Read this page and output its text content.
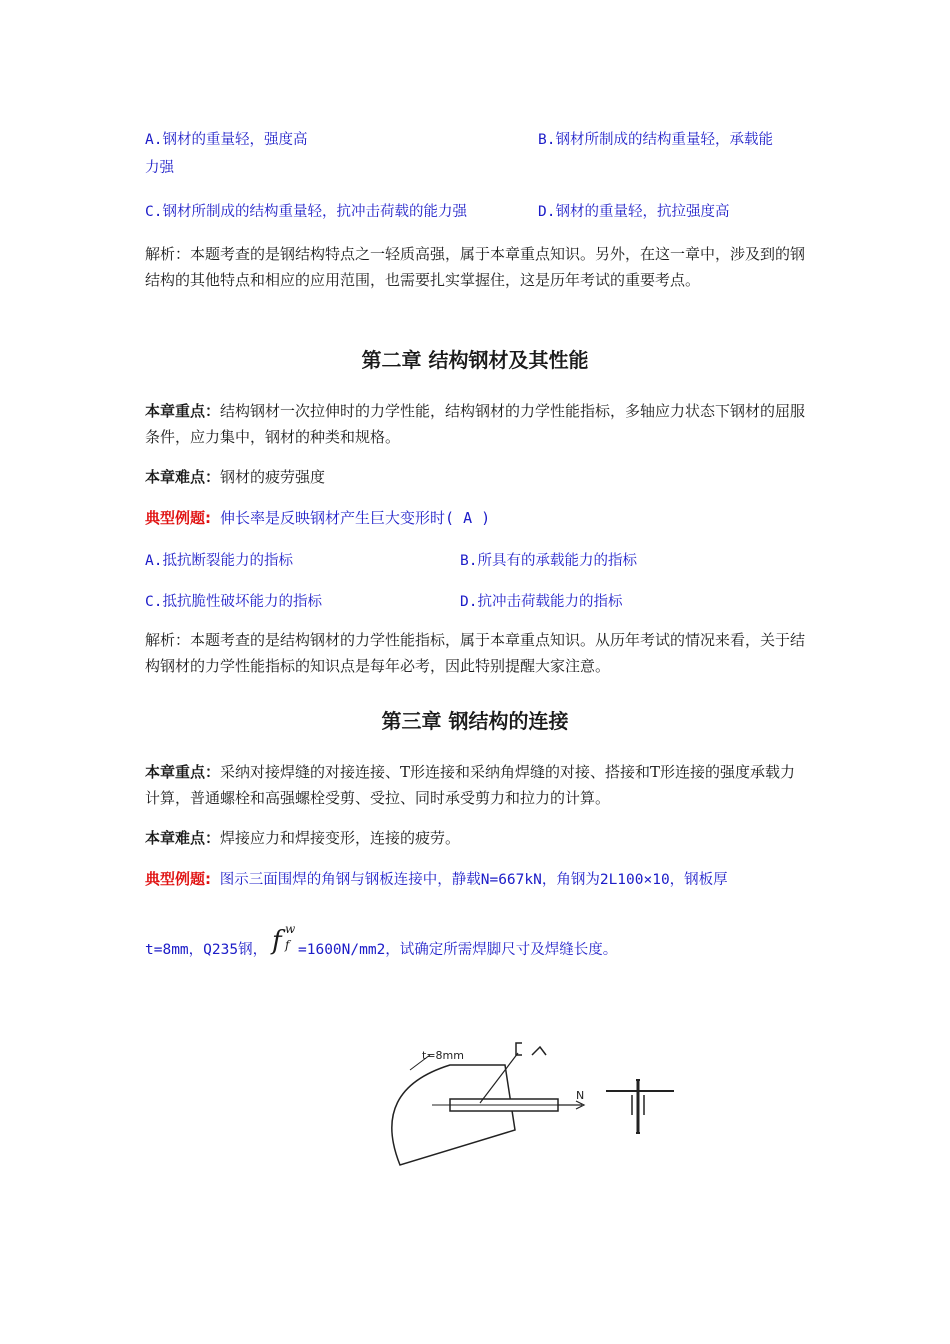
A.钢材的重量轻，强度高	B.钢材所制成的结构重量轻，承载能
力强
C.钢材所制成的结构重量轻，抗冲击荷载的能力强	D.钢材的重量轻，抗拉强度高
解析：本题考查的是钢结构特点之一轻质高强，属于本章重点知识。另外，在这一章中，涉及到的钢结构的其他特点和相应的应用范围，也需要扎实掌握住，这是历年考试的重要考点。
第二章 结构钢材及其性能
本章重点：结构钢材一次拉伸时的力学性能，结构钢材的力学性能指标，多轴应力状态下钢材的屈服条件，应力集中，钢材的种类和规格。
本章难点：钢材的疲劳强度
典型例题: 伸长率是反映钢材产生巨大变形时( A )
A.抵抗断裂能力的指标	B.所具有的承载能力的指标
C.抵抗脆性破坏能力的指标	D.抗冲击荷载能力的指标
解析：本题考查的是结构钢材的力学性能指标，属于本章重点知识。从历年考试的情况来看，关于结构钢材的力学性能指标的知识点是每年必考，因此特别提醒大家注意。
第三章 钢结构的连接
本章重点：采纳对接焊缝的对接连接、T形连接和采纳角焊缝的对接、搭接和T形连接的强度承载力计算，普通螺栓和高强螺栓受剪、受拉、同时承受剪力和拉力的计算。
本章难点：焊接应力和焊接变形，连接的疲劳。
典型例题: 图示三面围焊的角钢与钢板连接中，静载N=667kN，角钢为2L100×10，钢板厚
t=8mm，Q235钢， f w
f =1600N/mm2，试确定所需焊脚尺寸及焊缝长度。
t=8mm
N
